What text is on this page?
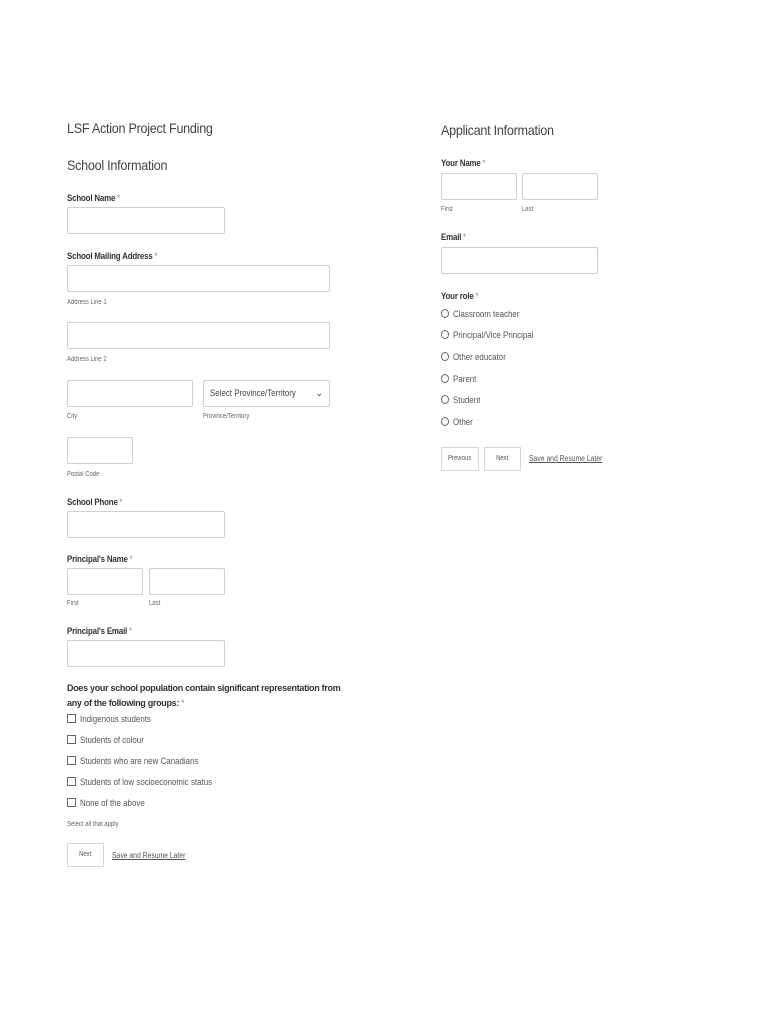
LSF Action Project Funding
School Information
School Name *
School Mailing Address *
Address Line 1
Address Line 2
Select Province/Territory ⌄
City	Province/Territory
Postal Code
School Phone *
Principal's Name *
First	Last
Principal's Email *
Does your school population contain significant representation from any of the following groups: *
Indigenous students
Students of colour
Students who are new Canadians
Students of low socioeconomic status
None of the above
Select all that apply
Next	Save and Resume Later
Applicant Information
Your Name *
First	Last
Email *
Your role *
Classroom teacher
Principal/Vice Principal
Other educator
Parent
Student
Other
Previous	Next	Save and Resume Later
